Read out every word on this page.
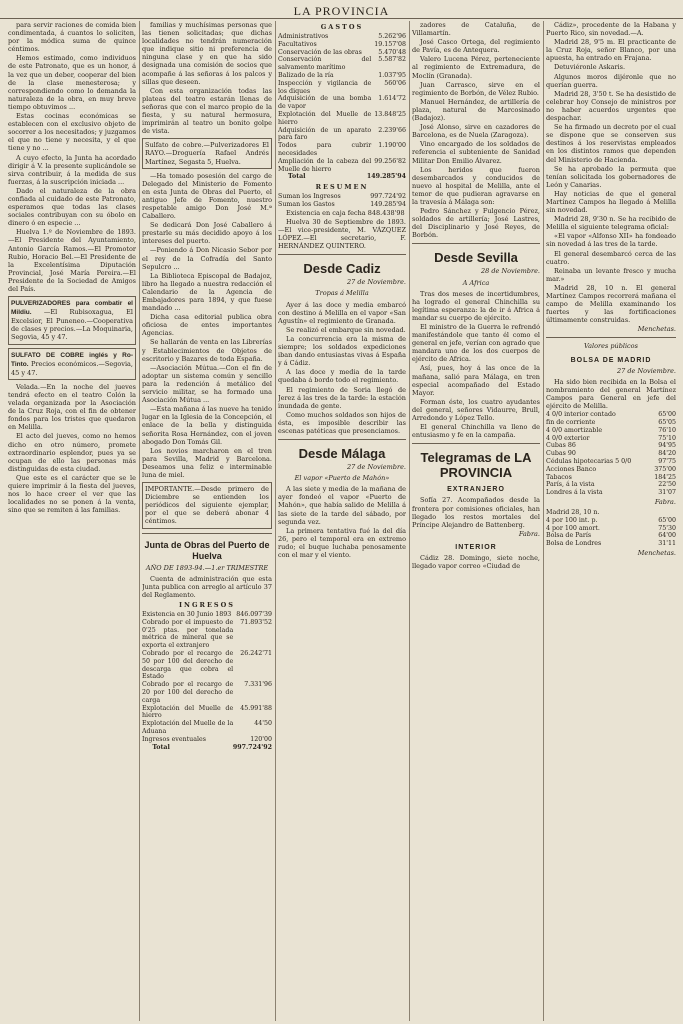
LA PROVINCIA

para servir raciones de comida bien condimentada, á cuantos lo soliciten, por la módica suma de quince céntimos.

Hemos estimado, como individuos de este Patronato, que es un honor, á la vez que un deber, cooperar del bien de la clase menesterosa; y correspondiendo como lo demanda la naturaleza de la obra, en muy breve tiempo obtuvimos ...

Estas cocinas económicas se establecen con el exclusivo objeto de socorrer a los necesitados; y juzgamos el que no tiene y necesita, y el que tiene y no ...

A cuyo efecto, la Junta ha acordado dirigir á V. la presente suplicándole se sirva contribuir, á la medida de sus fuerzas, á la suscripción iniciada ...

Dado el naturaleza de la obra confiada al cuidado de este Patronato, esperamos que todas las clases sociales contribuyan con su óbolo en dinero ó en especie ...

Huelva 1.º de Noviembre de 1893.—El Presidente del Ayuntamiento, Antonio García Ramos.—El Promotor Rubio, Horacio Bel.—El Presidente de la Excelentísima Diputación Provincial, José María Pereira.—El Presidente de la Sociedad de Amigos del País.

PULVERIZADORES para combatir el Mildiu. —El Rubisoxagua, El Excelsior, El Puneneo.—Cooperativa de clases y precios.—La Moquinaria, Segovia, 45 y 47.
SULFATO DE COBRE inglés y Ro-Tinto. Precios económicos.—Segovia, 45 y 47.

Velada.—En la noche del jueves tendrá efecto en el teatro Colón la velada organizada por la Asociación de la Cruz Roja, con el fin de obtener fondos para los tristes que quedaron en Melilla.

El acto del jueves, como no hemos dicho en otro número, promete extraordinario esplendor, pues ya se ocupan de ello las personas más distinguidas de esta ciudad.

Que este es el carácter que se le quiere imprimir á la fiesta del jueves, nos lo hace creer el ver que las localidades no se ponen á la venta, sino que se remiten á las familias.

familias y muchísimas personas que las tienen solicitadas; que dichas localidades no tendrán numeración que indique sitio ni preferencia de ninguna clase y en que ha sido designada una comisión de socios que acompañe á las señoras á los palcos y sillas que deseen.

Con esta organización todas las plateas del teatro estarán llenas de señoras que con el marco propio de la fiesta, y su natural hermosura, imprimirán al teatro un bonito golpe de vista.

Sulfato de cobre.—Pulverizadores El RAYO.—Droguería Rafael Andrés Martínez, Segasta 5, Huelva.

—Ha tomado posesión del cargo de Delegado del Ministerio de Fomento en esta Junta de Obras del Puerto, el antiguo Jefe de Fomento, nuestro respetable amigo Don José M.ª Caballero.

Se dedicará Don José Caballero á prestarle su más decidido apoyo á los intereses del puerto.

—Poniendo á Don Nicasio Sebor por el rey de la Cofradía del Santo Sepulcro ...

La Biblioteca Episcopal de Badajoz, libro ha llegado a nuestra redacción el Calendario de la Agencia de Embajadores para 1894, y que fuese mandado ...

Dicha casa editorial publica obra oficiosa de entes importantes Agencias.

Se hallarán de venta en las Librerías y Establecimientos de Objetos de escritorio y Bazares de toda España.

—Asociación Mútua.—Con el fin de adoptar un sistema común y sencillo para la redención á metálico del servicio militar, se ha formado una Asociación Mútua ...

—Esta mañana á las nueve ha tenido lugar en la Iglesia de la Concepción, el enlace de la bella y distinguida señorita Rosa Hernández, con el joven abogado Don Tomás Gil.

Los novios marcharon en el tren para Sevilla, Madrid y Barcelona. Deseamos una feliz e interminable luna de miel.

IMPORTANTE.—Desde primero de Diciembre se entienden los periódicos del siguiente ejemplar, por el que se deberá abonar 4 céntimos.
Junta de Obras del Puerto de Huelva
AÑO DE 1893-94.—1.er TRIMESTRE

Cuenta de administración que esta Junta publica con arreglo al artículo 37 del Reglamento.

INGRESOS
Existencia en 30 Junio 1893	846.097'39
Cobrado por el impuesto de 0'25 ptas. por tonelada métrica de mineral que se exporta el extranjero	71.893'52
Cobrado por el recargo de 50 por 100 del derecho de descarga que cobra el Estado	26.242'71
Cobrado por el recargo de 20 por 100 del derecho de carga	7.331'96
Explotación del Muelle de hierro	45.991'88
Explotación del Muelle de la Aduana	44'50
Ingresos eventuales	120'00
Total	997.724'92
GASTOS
Administrativos	5.262'96
Facultativos	19.157'08
Conservación de las obras	5.470'48
Conservación del salvamento marítimo	5.587'82
Balizado de la ría	1.037'95
Inspección y vigilancia de los diques	560'06
Adquisición de una bomba de vapor	1.614'72
Explotación del Muelle de hierro	13.848'25
Adquisición de un aparato para faro	2.239'66
Todos para cubrir necesidades	1.190'00
Ampliación de la cabeza del Muelle de hierro	99.256'82
Total	149.285'94
RESUMEN
Suman los Ingresos	997.724'92
Suman los Gastos	149.285'94

Existencia en caja fecha 848.438'98

Huelva 30 de Septiembre de 1893.—El vice-presidente, M. VÁZQUEZ LÓPEZ.—El secretario, F. HERNÁNDEZ QUINTERO.

Desde Cadiz
27 de Noviembre.
Tropas á Melilla

Ayer á las doce y media embarcó con destino á Melilla en el vapor «San Agustín» el regimiento de Granada.

Se realizó el embarque sin novedad.

La concurrencia era la misma de siempre; los soldados expediciones iban dando entusiastas vivas á España y á Cádiz.

A las doce y media de la tarde quedaba á bordo todo el regimiento.

El regimiento de Soria llegó de Jerez á las tres de la tarde: la estación inundada de gente.

Como muchos soldados son hijos de ésta, es imposible describir las escenas patéticas que presenciamos.

Desde Málaga
27 de Noviembre.
El vapor «Puerto de Mahón»

A las siete y media de la mañana de ayer fondeó el vapor «Puerto de Mahón», que había salido de Melilla á las siete de la tarde del sábado, por segunda vez.

La primera tentativa fué la del día 26, pero el temporal era en extremo rudo; el buque luchaba penosamente con el mar y el viento.

zadores de Cataluña, de Villamartín.

José Casco Ortega, del regimiento de Pavía, es de Antequera.

Valero Lucena Pérez, perteneciente al regimiento de Extremadura, de Moclín (Granada).

Juan Carrasco, sirve en el regimiento de Borbón, de Vélez Rubio.

Manuel Hernández, de artillería de plaza, natural de Marcosinado (Badajoz).

José Alonso, sirve en cazadores de Barcelona, es de Nuela (Zaragoza).

Vino encargado de los soldados de referencia el subteniente de Sanidad Militar Don Emilio Álvarez.

Los heridos que fueron desembarcados y conducidos de nuevo al hospital de Melilla, ante el temor de que pudieran agravarse en la travesía á Málaga son:

Pedro Sánchez y Fulgencio Pérez, soldados de artillería; José Lastres, del Disciplinario y José Reyes, de Borbón.

Desde Sevilla
28 de Noviembre.
A Africa

Tras dos meses de incertidumbres, ha logrado el general Chinchilla su legítima esperanza: la de ir á Africa á mandar su cuerpo de ejército.

El ministro de la Guerra le refrendó manifestándole que tanto él como el general en jefe, verían con agrado que mandara uno de los dos cuerpos de ejército de Africa.

Así, pues, hoy á las once de la mañana, salió para Málaga, en tren especial acompañado del Estado Mayor.

Forman éste, los cuatro ayudantes del general, señores Vidaurre, Brull, Arredondo y López Tello.

El general Chinchilla va lleno de entusiasmo y fe en la campaña.

Telegramas de LA PROVINCIA
EXTRANJERO

Sofía 27. Acompañados desde la frontera por comisiones oficiales, han llegado los restos mortales del Príncipe Alejandro de Battenberg.

Fabra.
INTERIOR

Cádiz 28. Domingo, siete noche, llegado vapor correo «Ciudad de

Cádiz», procedente de la Habana y Puerto Rico, sin novedad.—A.

Madrid 28, 9'5 m. El practicante de la Cruz Roja, señor Blanco, por una apuesta, ha entrado en Frajana.

Detuviéronle Askaris.

Algunos moros dijéronle que no querían guerra.

Madrid 28, 3'50 t. Se ha desistido de celebrar hoy Consejo de ministros por no haber acuerdos urgentes que despachar.

Se ha firmado un decreto por el cual se dispone que se conserven sus destinos á los reservistas empleados en los distintos ramos que dependen del Ministerio de Hacienda.

Se ha aprobado la permuta que tenían solicitada los gobernadores de León y Canarias.

Hay noticias de que el general Martínez Campos ha llegado á Melilla sin novedad.

Madrid 28, 9'30 n. Se ha recibido de Melilla el siguiente telegrama oficial:

«El vapor «Alfonso XII» ha fondeado sin novedad á las tres de la tarde.

El general desembarcó cerca de las cuatro.

Reinaba un levante fresco y mucha mar.»

Madrid 28, 10 n. El general Martínez Campos recorrerá mañana el campo de Melilla examinando los fuertes y las fortificaciones últimamente construidas.

Menchetas.
Valores públicos
BOLSA DE MADRID
27 de Noviembre.

Ha sido bien recibida en la Bolsa el nombramiento del general Martínez Campos para General en jefe del ejército de Melilla.

4 0/0 interior contado	65'00
fin de corriente	65'05
4 0/0 amortizable	76'10
4 0/0 exterior	75'10
Cubas 86	94'95
Cubas 90	84'20
Cédulas hipotecarias 5 0/0	97'75
Acciones Banco	375'00
Tabacos	184'25
París, á la vista	22'50
Londres á la vista	31'07
Fabra.
Madrid 28, 10 n.	
4 por 100 int. p.	65'00
4 por 100 amort.	75'30
Bolsa de París	64'00
Bolsa de Londres	31'11
Menchetas.
